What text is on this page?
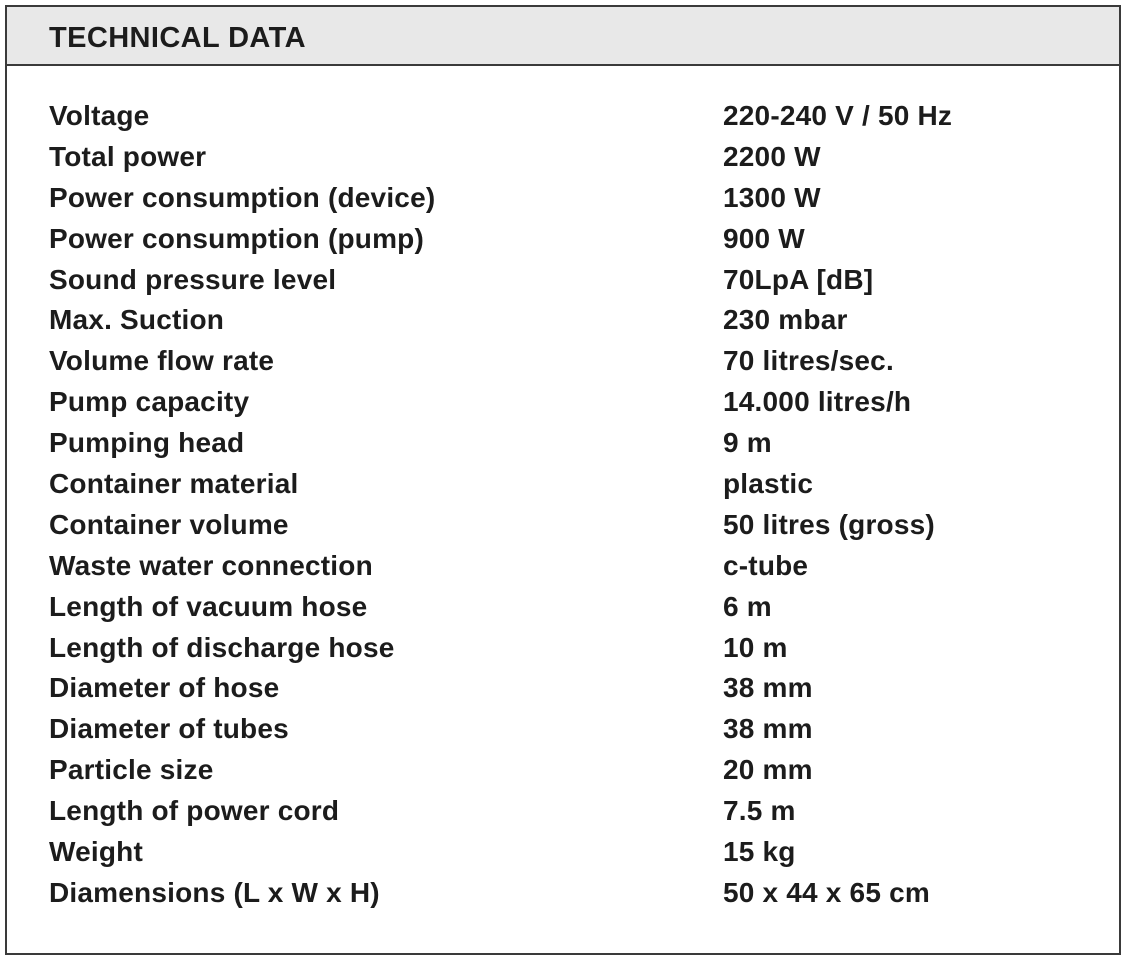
TECHNICAL DATA
Voltage	220-240 V / 50 Hz
Total power	2200 W
Power consumption (device)	1300 W
Power consumption (pump)	900 W
Sound pressure level	70LpA [dB]
Max. Suction	230 mbar
Volume flow rate	70 litres/sec.
Pump capacity	14.000 litres/h
Pumping head	9 m
Container material	plastic
Container volume	50 litres (gross)
Waste water connection	c-tube
Length of vacuum hose	6 m
Length of discharge hose	10 m
Diameter of hose	38 mm
Diameter of tubes	38 mm
Particle size	20 mm
Length of power cord	7.5 m
Weight	15 kg
Diamensions (L x W x H)	50 x 44 x 65 cm
